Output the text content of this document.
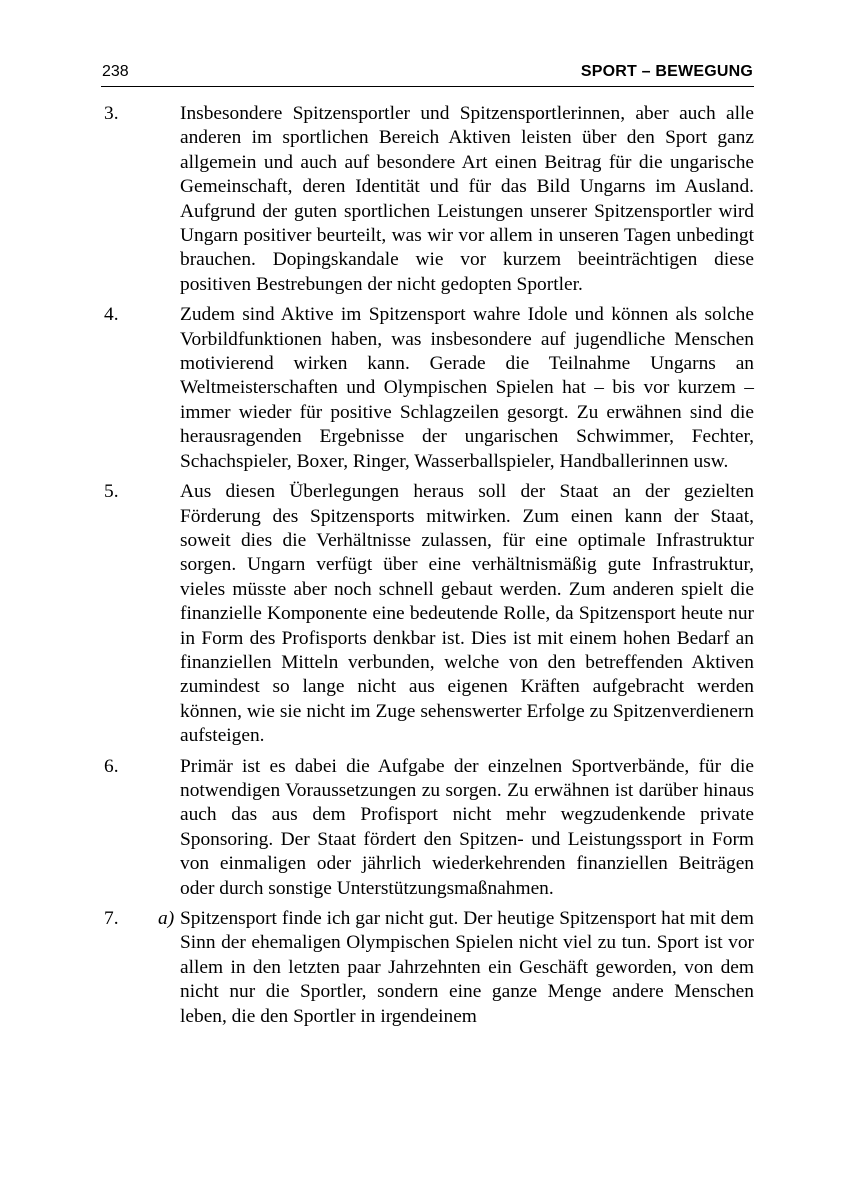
238	SPORT – BEWEGUNG
3.	Insbesondere Spitzensportler und Spitzensportlerinnen, aber auch alle anderen im sportlichen Bereich Aktiven leisten über den Sport ganz allgemein und auch auf besondere Art einen Beitrag für die ungarische Gemeinschaft, deren Identität und für das Bild Ungarns im Ausland. Aufgrund der guten sportlichen Leistungen unserer Spitzensportler wird Ungarn positiver beurteilt, was wir vor allem in unseren Tagen unbedingt brauchen. Dopingskandale wie vor kurzem beeinträchtigen diese positiven Bestrebungen der nicht gedopten Sportler.
4.	Zudem sind Aktive im Spitzensport wahre Idole und können als solche Vorbildfunktionen haben, was insbesondere auf jugendliche Menschen motivierend wirken kann. Gerade die Teilnahme Ungarns an Weltmeisterschaften und Olympischen Spielen hat – bis vor kurzem – immer wieder für positive Schlagzeilen gesorgt. Zu erwähnen sind die herausragenden Ergebnisse der ungarischen Schwimmer, Fechter, Schachspieler, Boxer, Ringer, Wasserballspieler, Handballerinnen usw.
5.	Aus diesen Überlegungen heraus soll der Staat an der gezielten Förderung des Spitzensports mitwirken. Zum einen kann der Staat, soweit dies die Verhältnisse zulassen, für eine optimale Infrastruktur sorgen. Ungarn verfügt über eine verhältnismäßig gute Infrastruktur, vieles müsste aber noch schnell gebaut werden. Zum anderen spielt die finanzielle Komponente eine bedeutende Rolle, da Spitzensport heute nur in Form des Profisports denkbar ist. Dies ist mit einem hohen Bedarf an finanziellen Mitteln verbunden, welche von den betreffenden Aktiven zumindest so lange nicht aus eigenen Kräften aufgebracht werden können, wie sie nicht im Zuge sehenswerter Erfolge zu Spitzenverdienern aufsteigen.
6.	Primär ist es dabei die Aufgabe der einzelnen Sportverbände, für die notwendigen Voraussetzungen zu sorgen. Zu erwähnen ist darüber hinaus auch das aus dem Profisport nicht mehr wegzudenkende private Sponsoring. Der Staat fördert den Spitzen- und Leistungssport in Form von einmaligen oder jährlich wiederkehrenden finanziellen Beiträgen oder durch sonstige Unterstützungsmaßnahmen.
7. a) Spitzensport finde ich gar nicht gut. Der heutige Spitzensport hat mit dem Sinn der ehemaligen Olympischen Spielen nicht viel zu tun. Sport ist vor allem in den letzten paar Jahrzehnten ein Geschäft geworden, von dem nicht nur die Sportler, sondern eine ganze Menge andere Menschen leben, die den Sportler in irgendeinem
